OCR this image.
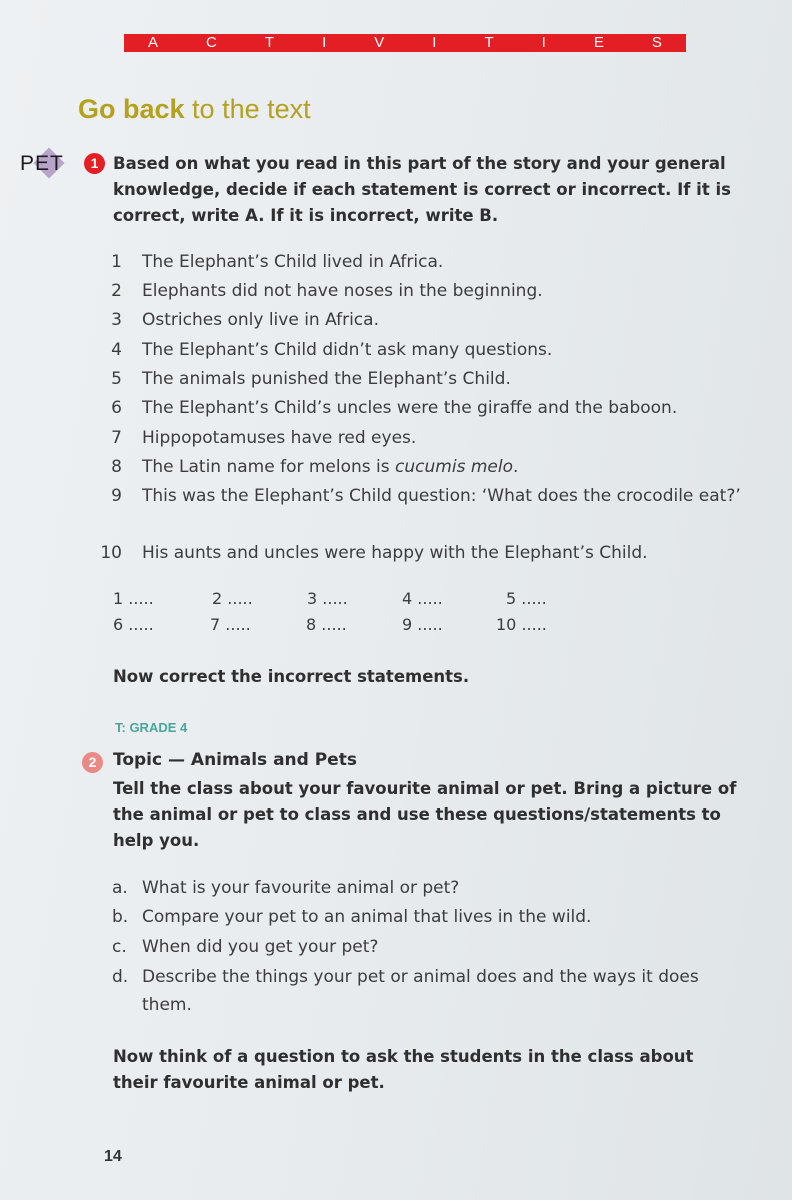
A	C	T	I	V	I	T	I	E	S
Go back to the text
PET	1 Based on what you read in this part of the story and your general knowledge, decide if each statement is correct or incorrect. If it is correct, write A. If it is incorrect, write B.
1 The Elephant’s Child lived in Africa.
2 Elephants did not have noses in the beginning.
3 Ostriches only live in Africa.
4 The Elephant’s Child didn’t ask many questions.
5 The animals punished the Elephant’s Child.
6 The Elephant’s Child’s uncles were the giraffe and the baboon.
7 Hippopotamuses have red eyes.
8 The Latin name for melons is cucumis melo.
9 This was the Elephant’s Child question: ‘What does the crocodile eat?’
10 His aunts and uncles were happy with the Elephant’s Child.
1 .....	2 .....	3 .....	4 .....	5 .....
6 .....	7 .....	8 .....	9 .....	10 .....
Now correct the incorrect statements.
T: GRADE 4
2 Topic — Animals and Pets
Tell the class about your favourite animal or pet. Bring a picture of the animal or pet to class and use these questions/statements to help you.
a. What is your favourite animal or pet?
b. Compare your pet to an animal that lives in the wild.
c. When did you get your pet?
d. Describe the things your pet or animal does and the ways it does them.
Now think of a question to ask the students in the class about their favourite animal or pet.
14
